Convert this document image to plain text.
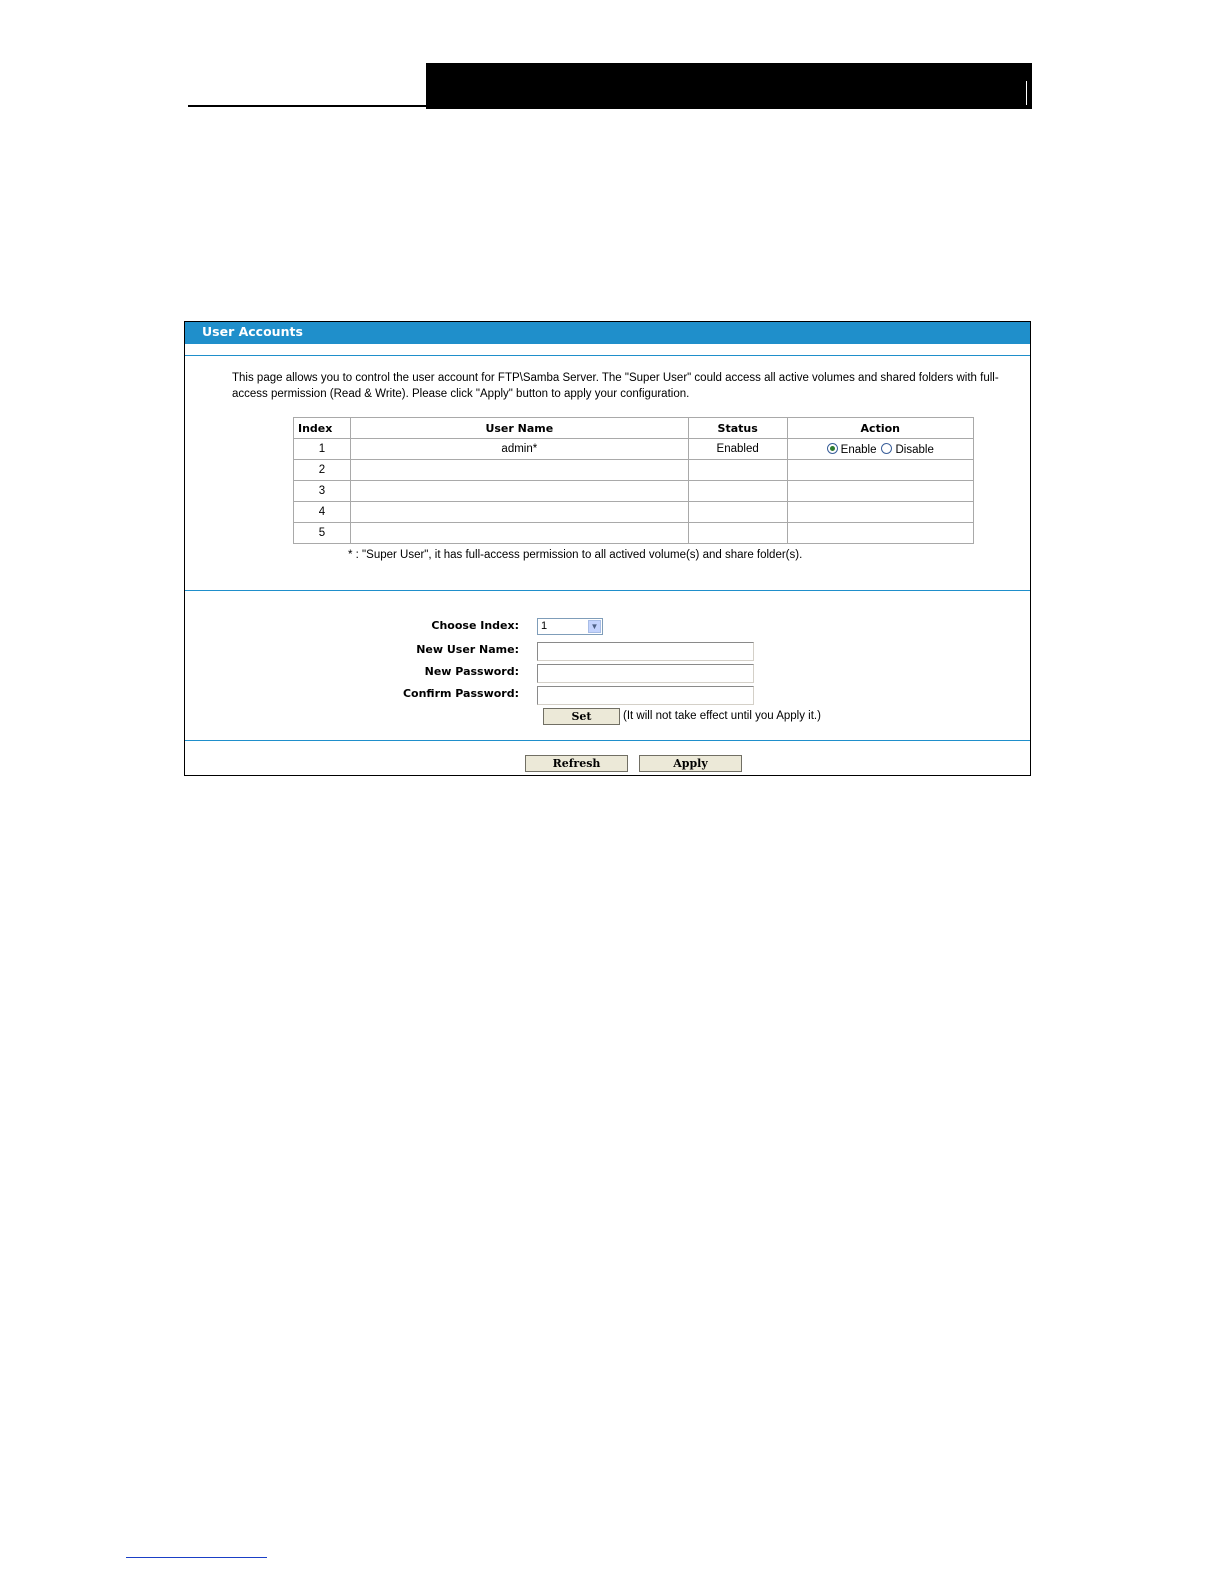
User Accounts
This page allows you to control the user account for FTP\Samba Server. The "Super User" could access all active volumes and shared folders with full-access permission (Read & Write). Please click "Apply" button to apply your configuration.
Index	User Name	Status	Action
1	admin*	Enabled	Enable Disable
2			
3			
4			
5			
* : "Super User", it has full-access permission to all actived volume(s) and share folder(s).
Choose Index:	1	▼
New User Name:
New Password:
Confirm Password:
Set	(It will not take effect until you Apply it.)
Refresh	Apply
